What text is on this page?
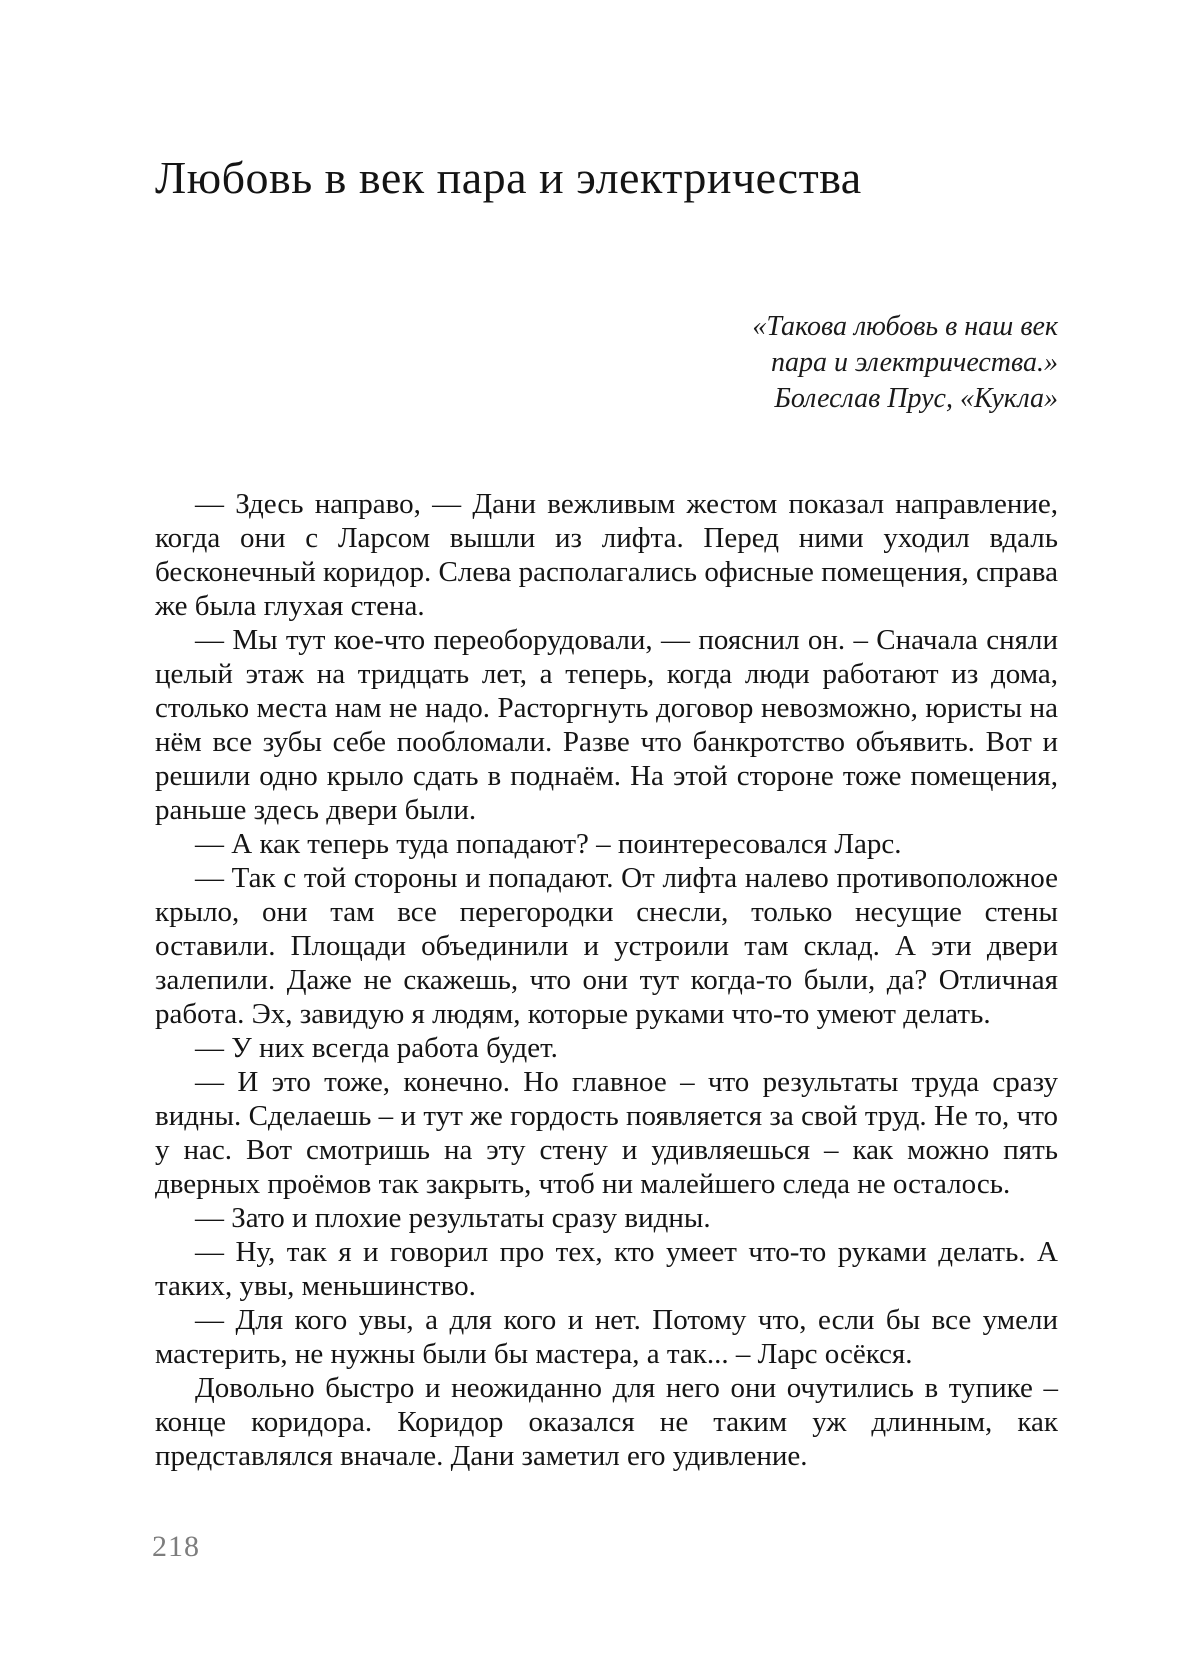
Любовь в век пара и электричества
«Такова любовь в наш век
пара и электричества.»
Болеслав Прус, «Кукла»

— Здесь направо, — Дани вежливым жестом показал направление, когда они с Ларсом вышли из лифта. Перед ними уходил вдаль бесконечный коридор. Слева располагались офисные помещения, справа же была глухая стена.

— Мы тут кое-что переоборудовали, — пояснил он. – Сначала сняли целый этаж на тридцать лет, а теперь, когда люди работают из дома, столько места нам не надо. Расторгнуть договор невозможно, юристы на нём все зубы себе пообломали. Разве что банкротство объявить. Вот и решили одно крыло сдать в поднаём. На этой стороне тоже помещения, раньше здесь двери были.

— А как теперь туда попадают? – поинтересовался Ларс.

— Так с той стороны и попадают. От лифта налево противоположное крыло, они там все перегородки снесли, только несущие стены оставили. Площади объединили и устроили там склад. А эти двери залепили. Даже не скажешь, что они тут когда-то были, да? Отличная работа. Эх, завидую я людям, которые руками что-то умеют делать.

— У них всегда работа будет.

— И это тоже, конечно. Но главное – что результаты труда сразу видны. Сделаешь – и тут же гордость появляется за свой труд. Не то, что у нас. Вот смотришь на эту стену и удивляешься – как можно пять дверных проёмов так закрыть, чтоб ни малейшего следа не осталось.

— Зато и плохие результаты сразу видны.

— Ну, так я и говорил про тех, кто умеет что-то руками делать. А таких, увы, меньшинство.

— Для кого увы, а для кого и нет. Потому что, если бы все умели мастерить, не нужны были бы мастера, а так... – Ларс осёкся.

Довольно быстро и неожиданно для него они очутились в тупике – конце коридора. Коридор оказался не таким уж длинным, как представлялся вначале. Дани заметил его удивление.

218
